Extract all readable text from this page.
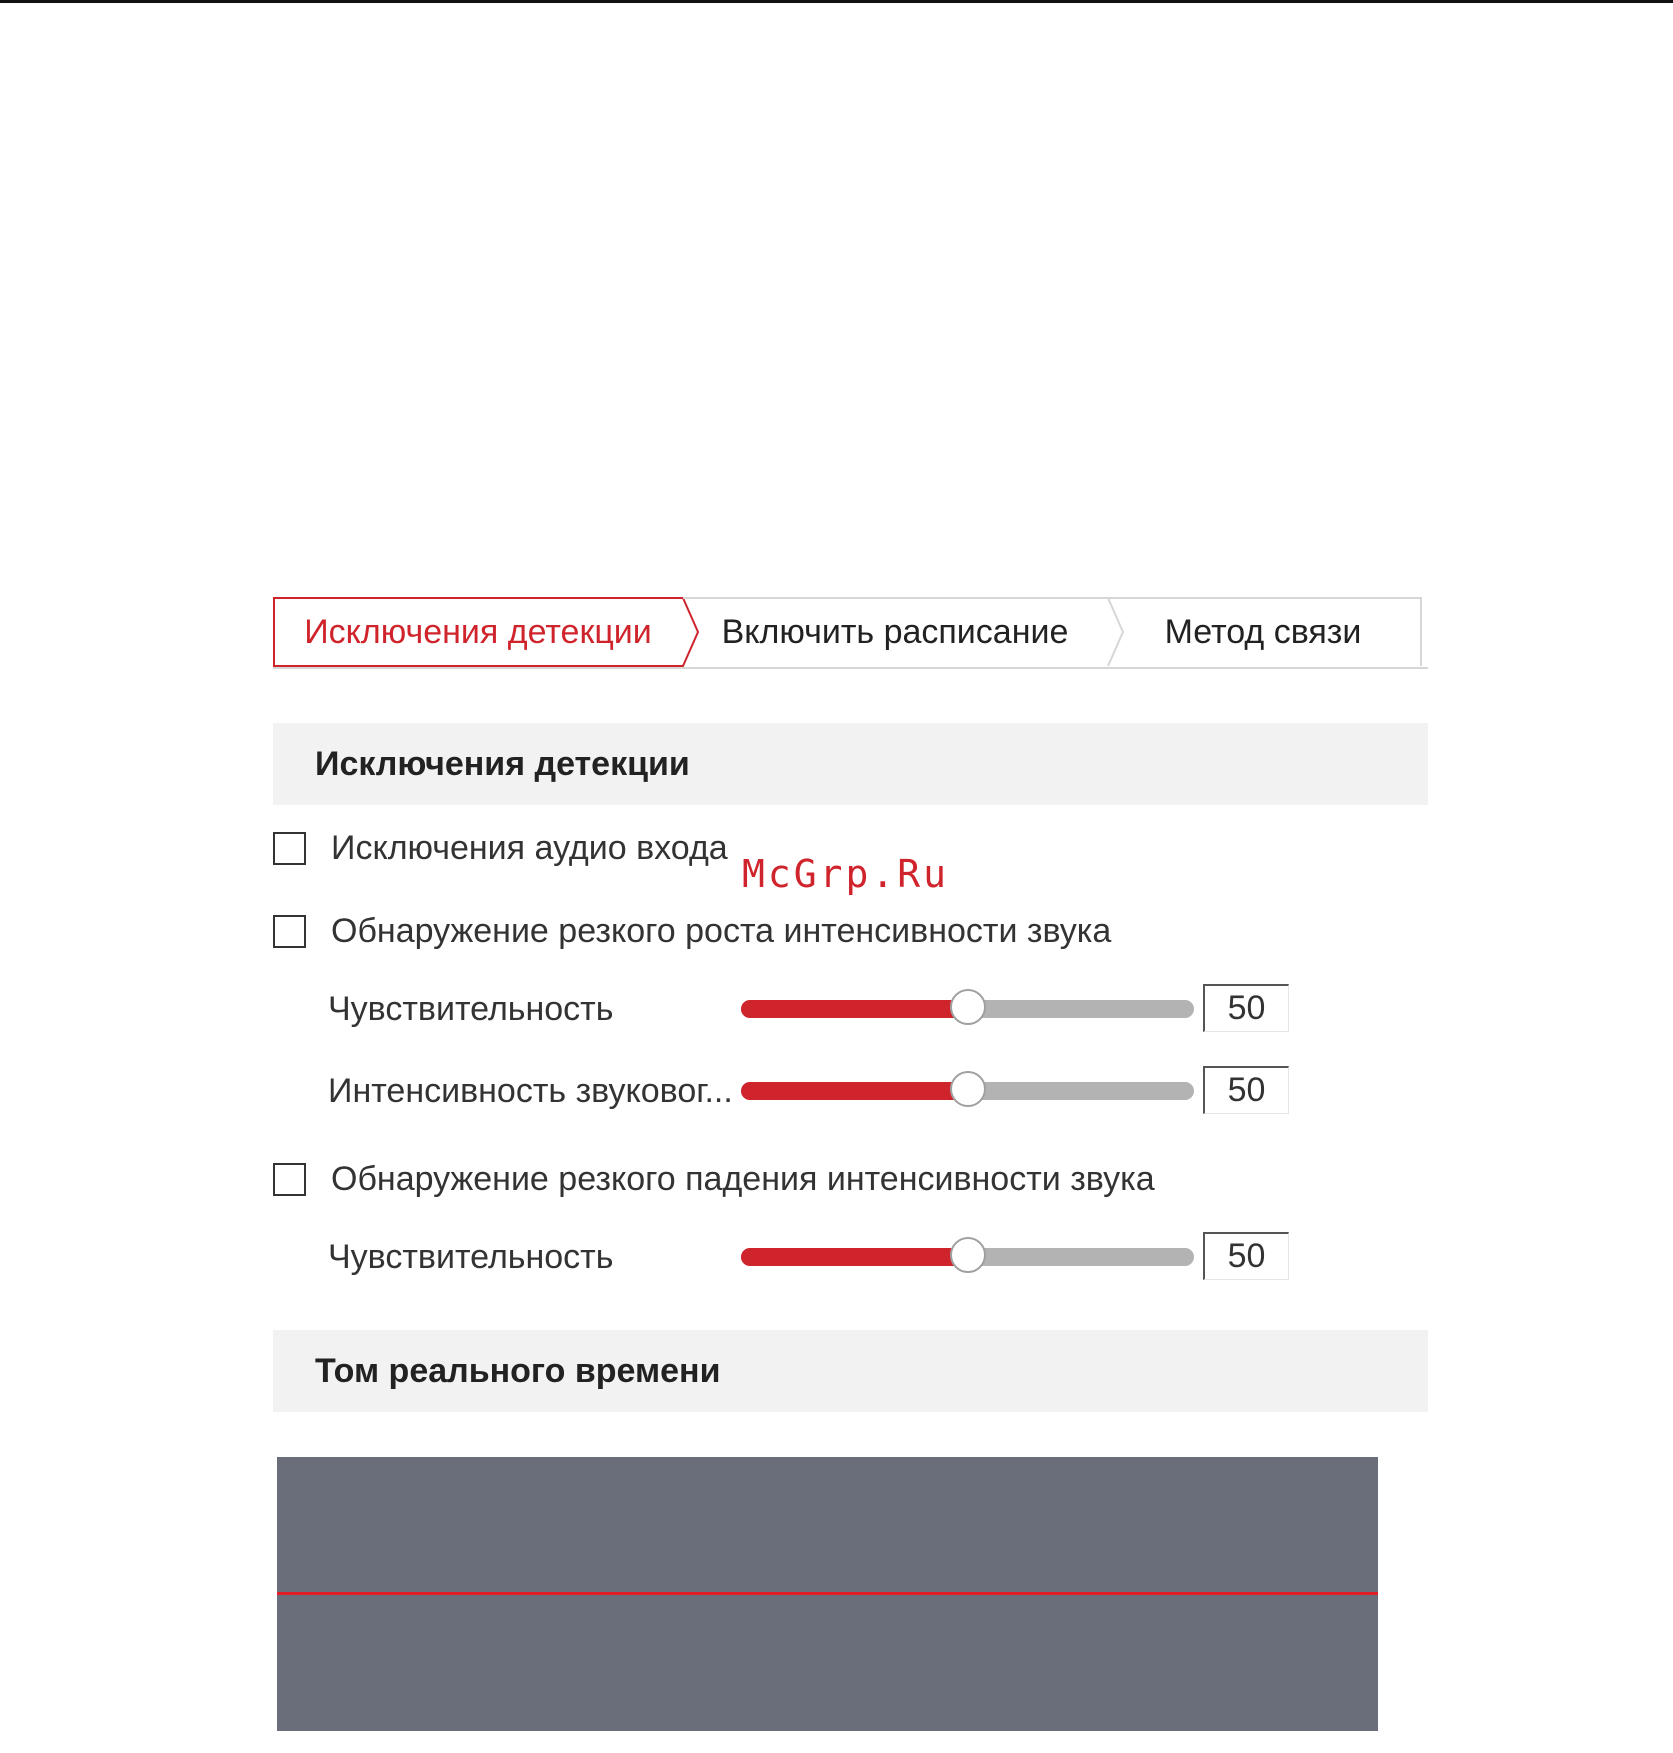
Исключения детекции	Включить расписание	Метод связи
Исключения детекции
Исключения аудио входа
Обнаружение резкого роста интенсивности звука
Чувствительность
50
Интенсивность звуковог...
50
Обнаружение резкого падения интенсивности звука
Чувствительность
50
Том реального времени
McGrp.Ru
